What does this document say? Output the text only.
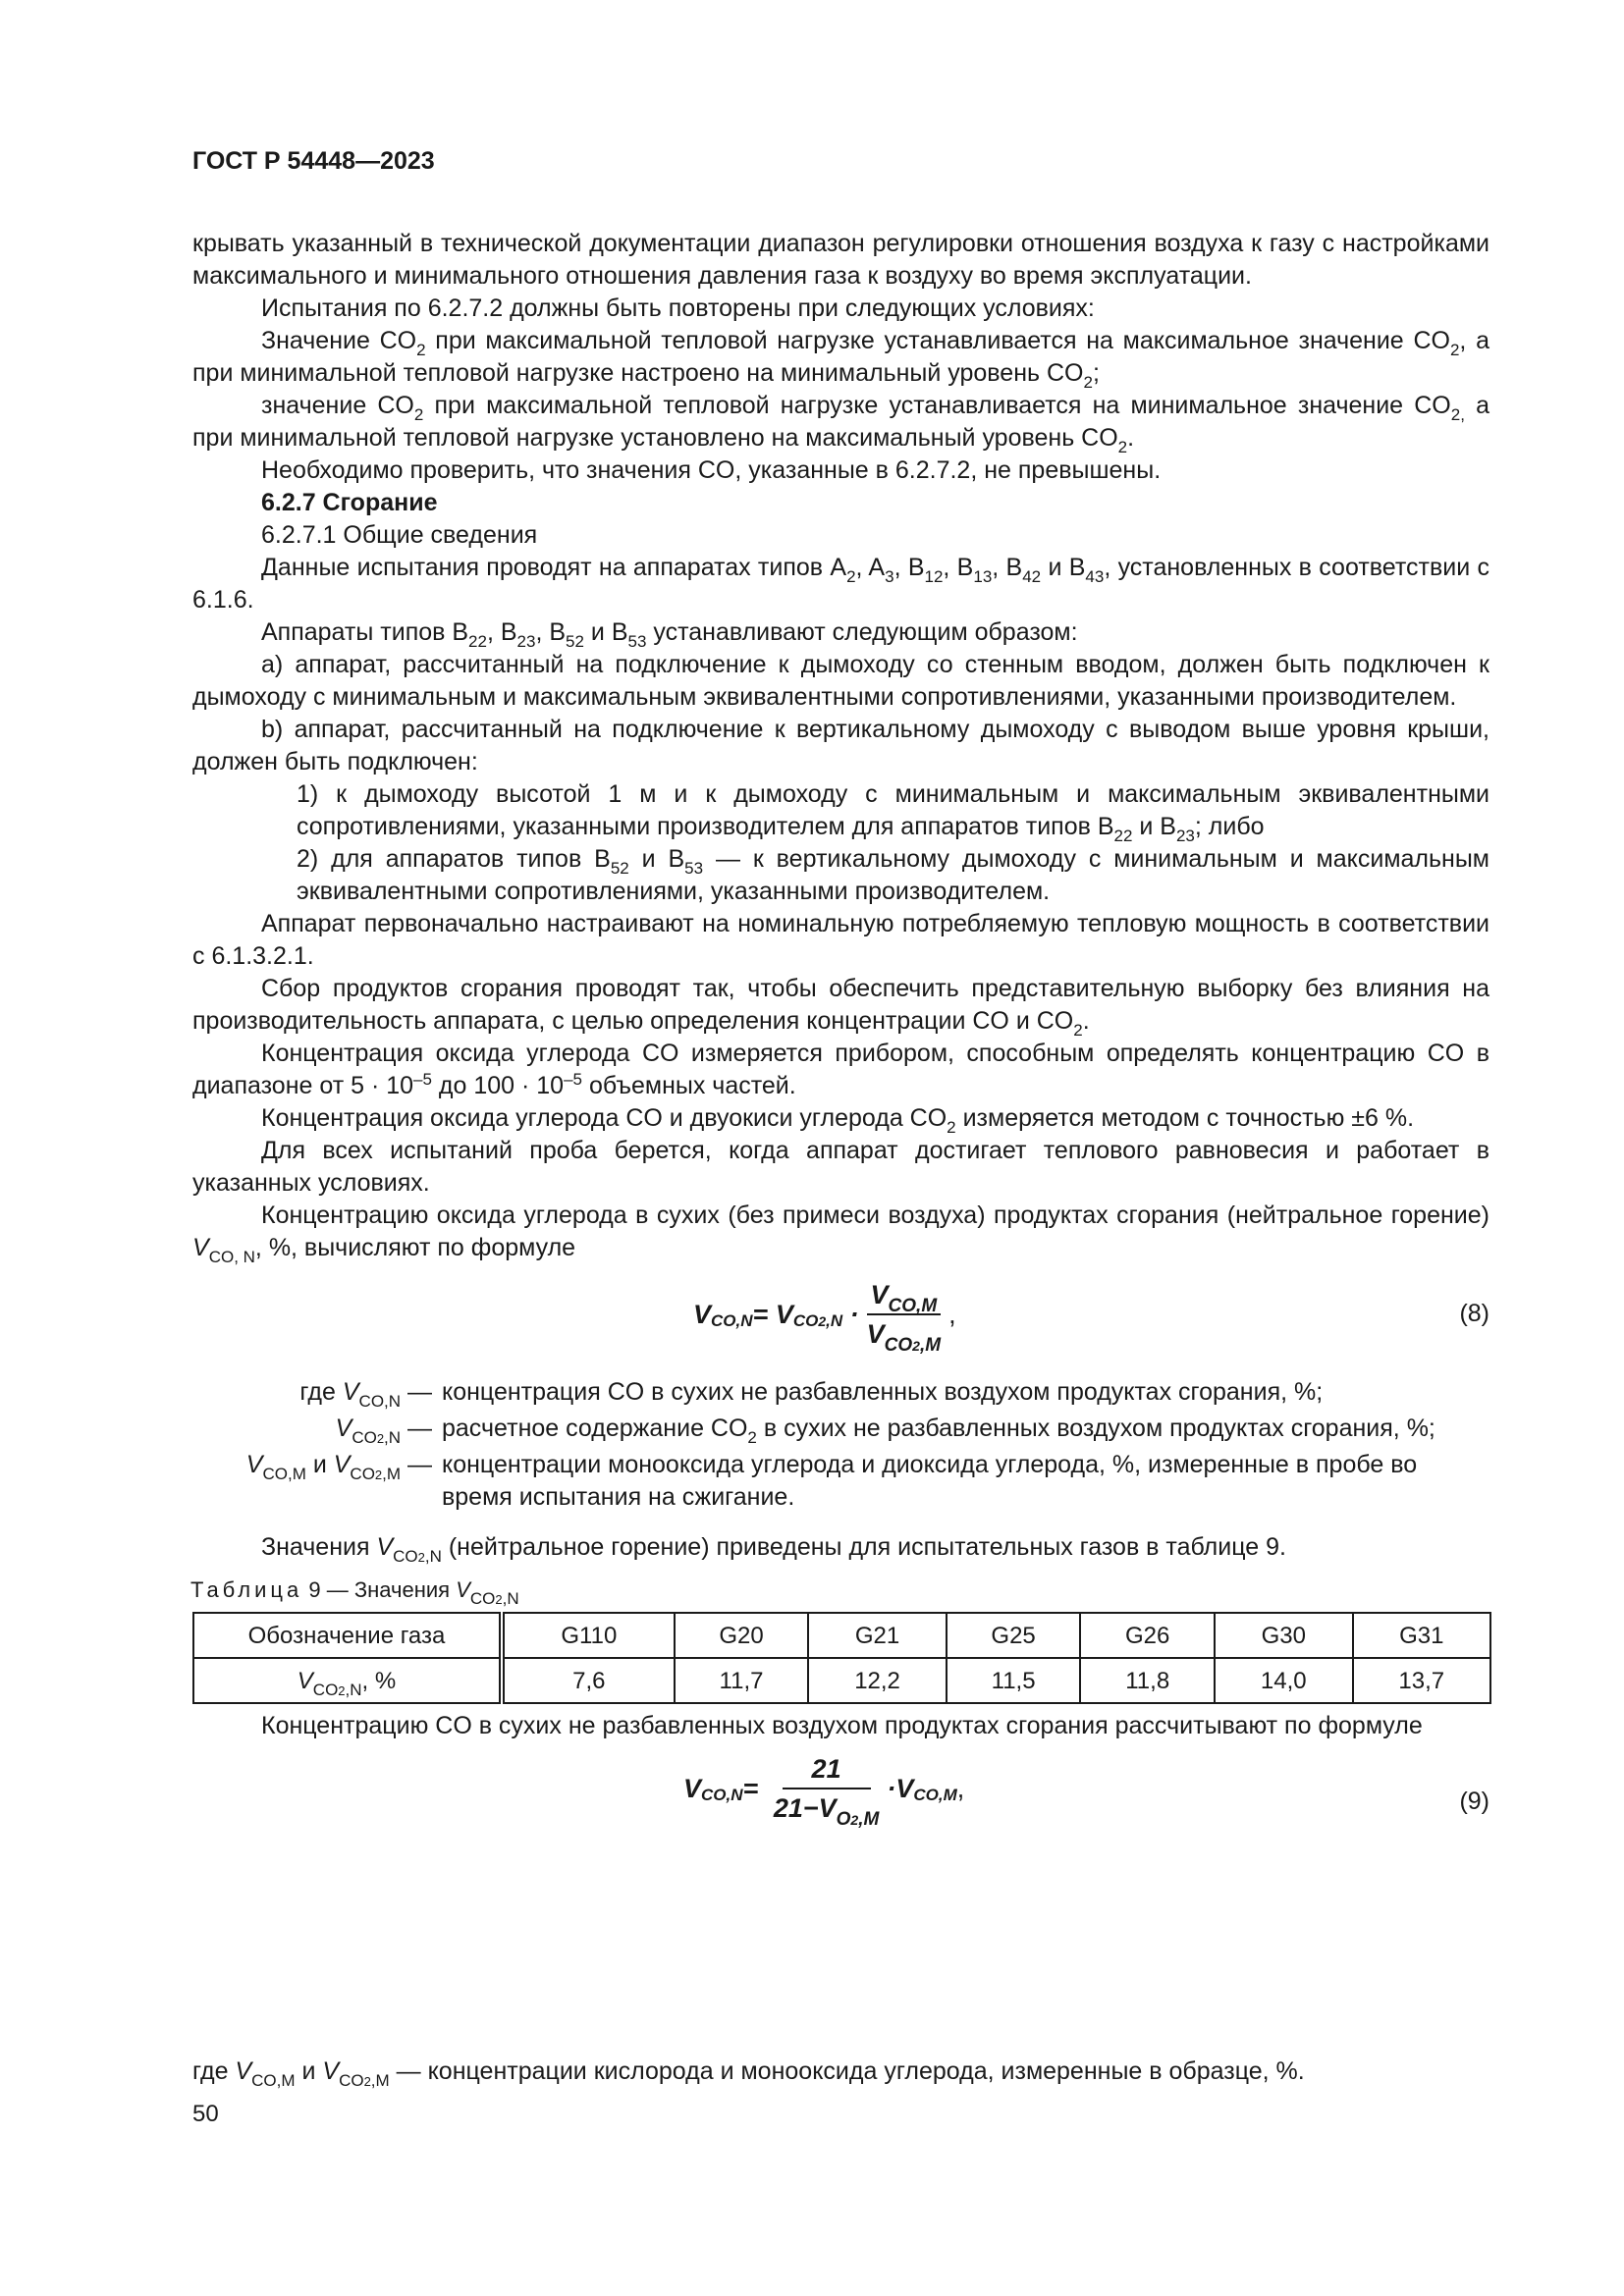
ГОСТ Р 54448—2023

крывать указанный в технической документации диапазон регулировки отношения воздуха к газу с настройками максимального и минимального отношения давления газа к воздуху во время эксплуатации.

Испытания по 6.2.7.2 должны быть повторены при следующих условиях:

Значение $CO_2$ при максимальной тепловой нагрузке устанавливается на максимальное значение $CO_2$, а при минимальной тепловой нагрузке настроено на минимальный уровень $CO_2$;

значение $CO_2$ при максимальной тепловой нагрузке устанавливается на минимальное значение $CO_{2,}$ а при минимальной тепловой нагрузке установлено на максимальный уровень $CO_2$.

Необходимо проверить, что значения CO, указанные в 6.2.7.2, не превышены.

6.2.7 Сгорание

6.2.7.1 Общие сведения

Данные испытания проводят на аппаратах типов $A_2$, $A_3$, $B_{12}$, $B_{13}$, $B_{42}$ и $B_{43}$, установленных в соответствии с 6.1.6.

Аппараты типов $B_{22}$, $B_{23}$, $B_{52}$ и $B_{53}$ устанавливают следующим образом:

a) аппарат, рассчитанный на подключение к дымоходу со стенным вводом, должен быть подключен к дымоходу с минимальным и максимальным эквивалентными сопротивлениями, указанными производителем.

b) аппарат, рассчитанный на подключение к вертикальному дымоходу с выводом выше уровня крыши, должен быть подключен:

1) к дымоходу высотой 1 м и к дымоходу с минимальным и максимальным эквивалентными сопротивлениями, указанными производителем для аппаратов типов $B_{22}$ и $B_{23}$; либо

2) для аппаратов типов $B_{52}$ и $B_{53}$ — к вертикальному дымоходу с минимальным и максимальным эквивалентными сопротивлениями, указанными производителем.

Аппарат первоначально настраивают на номинальную потребляемую тепловую мощность в соответствии с 6.1.3.2.1.

Сбор продуктов сгорания проводят так, чтобы обеспечить представительную выборку без влияния на производительность аппарата, с целью определения концентрации CO и $CO_2$.

Концентрация оксида углерода CO измеряется прибором, способным определять концентрацию CO в диапазоне от $5 \cdot 10^{-5}$ до $100 \cdot 10^{-5}$ объемных частей.

Концентрация оксида углерода CO и двуокиси углерода $CO_2$ измеряется методом с точностью ±6 %.

Для всех испытаний проба берется, когда аппарат достигает теплового равновесия и работает в указанных условиях.

Концентрацию оксида углерода в сухих (без примеси воздуха) продуктах сгорания (нейтральное горение) $V_{CO, N}$, %, вычисляют по формуле

$V_{CO,N}$ =
V $_{CO2,N}$
· $\frac{V_{CO,M}}{V_{CO2,M}}$ ,	(8)
где $V_{CO,N}$ — концентрация CO в сухих не разбавленных воздухом продуктах сгорания, %;
$V_{CO2,N}$ — расчетное содержание $CO_2$ в сухих не разбавленных воздухом продуктах сгорания, %;
$V_{CO,M}$ и $V_{CO2,M}$ — концентрации монооксида углерода и диоксида углерода, %, измеренные в пробе во время испытания на сжигание.

Значения $V_{CO2,N}$ (нейтральное горение) приведены для испытательных газов в таблице 9.

Таблица 9 — Значения $V_{CO2,N}$
Обозначение газа	G110	G20	G21	G25	G26	G30	G31
$V_{CO2,N}$, %	7,6	11,7	12,2	11,5	11,8	14,0	13,7

Концентрацию CO в сухих не разбавленных воздухом продуктах сгорания рассчитывают по формуле

$V_{CO,N}$ =
$\frac{21}{21-V_{O2,M}} \cdot V_{CO,M}$ ,	(9)
где $V_{CO,M}$ и $V_{CO2,M}$ — концентрации кислорода и монооксида углерода, измеренные в образце, %.
50
